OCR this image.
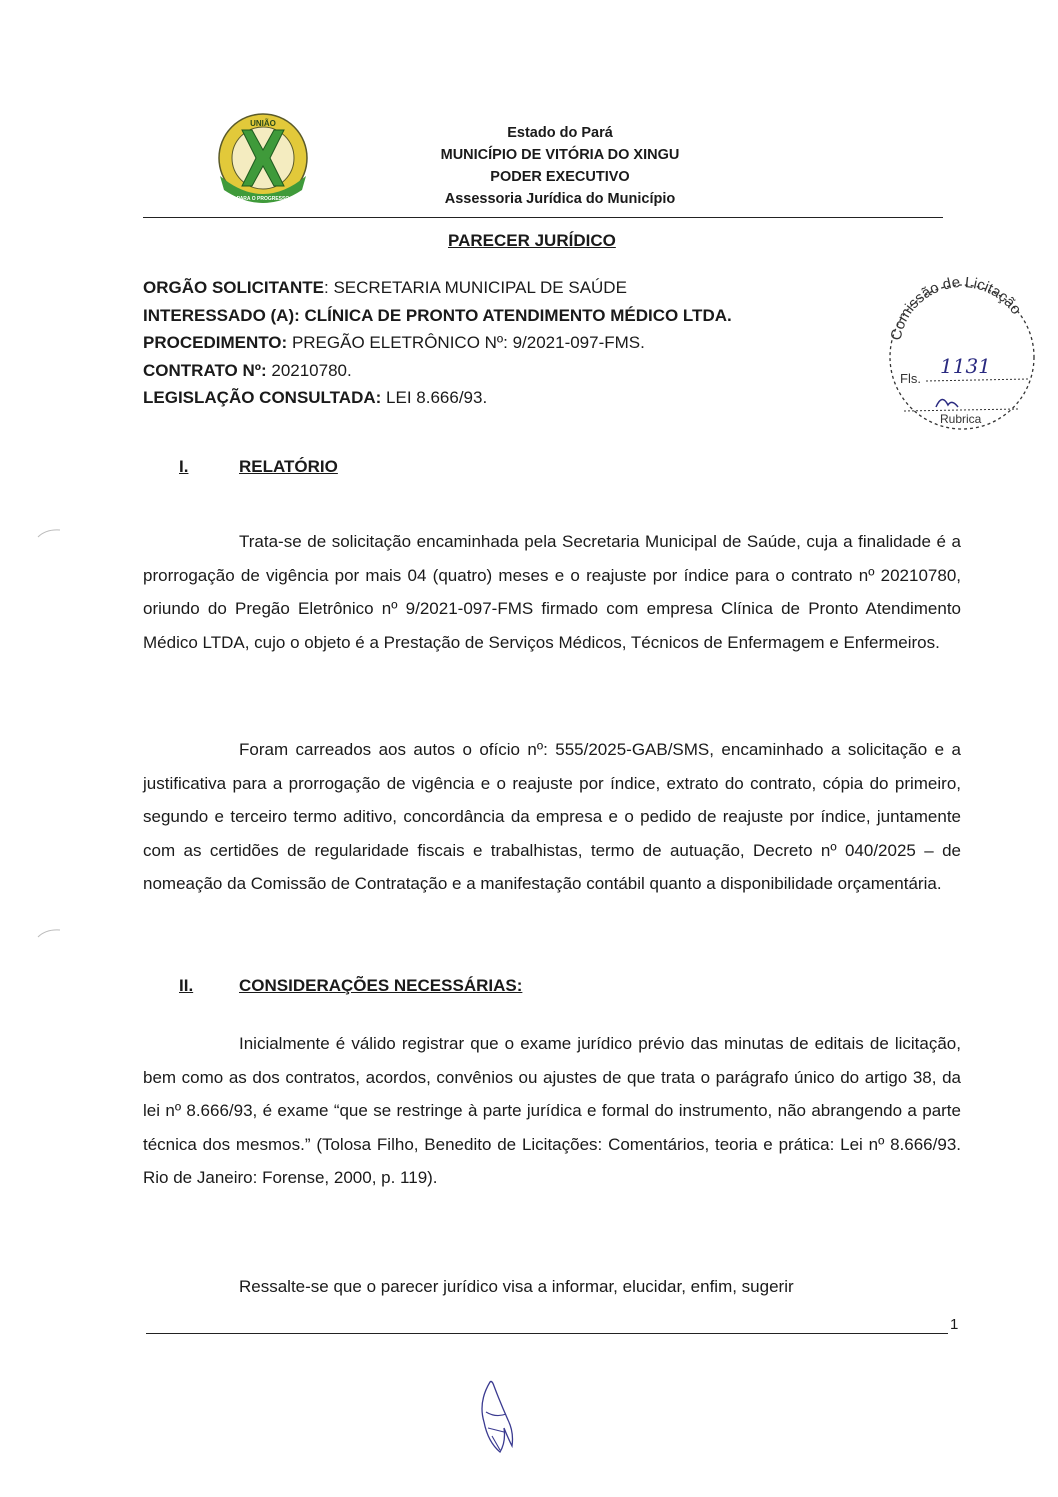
UNIÃO
PARA O PROGRESSO
Estado do Pará
MUNICÍPIO DE VITÓRIA DO XINGU
PODER EXECUTIVO
Assessoria Jurídica do Município
PARECER JURÍDICO
ORGÃO SOLICITANTE: SECRETARIA MUNICIPAL DE SAÚDE
INTERESSADO (A): CLÍNICA DE PRONTO ATENDIMENTO MÉDICO LTDA.
PROCEDIMENTO: PREGÃO ELETRÔNICO Nº: 9/2021-097-FMS.
CONTRATO Nº: 20210780.
LEGISLAÇÃO CONSULTADA: LEI 8.666/93.
Comissão de Licitação
Fls.
1131
Rubrica
I.	RELATÓRIO

Trata-se de solicitação encaminhada pela Secretaria Municipal de Saúde, cuja a finalidade é a prorrogação de vigência por mais 04 (quatro) meses e o reajuste por índice para o contrato nº 20210780, oriundo do Pregão Eletrônico nº 9/2021-097-FMS firmado com empresa Clínica de Pronto Atendimento Médico LTDA, cujo o objeto é a Prestação de Serviços Médicos, Técnicos de Enfermagem e Enfermeiros.

Foram carreados aos autos o ofício nº: 555/2025-GAB/SMS, encaminhado a solicitação e a justificativa para a prorrogação de vigência e o reajuste por índice, extrato do contrato, cópia do primeiro, segundo e terceiro termo aditivo, concordância da empresa e o pedido de reajuste por índice, juntamente com as certidões de regularidade fiscais e trabalhistas, termo de autuação, Decreto nº 040/2025 – de nomeação da Comissão de Contratação e a manifestação contábil quanto a disponibilidade orçamentária.

II.	CONSIDERAÇÕES NECESSÁRIAS:

Inicialmente é válido registrar que o exame jurídico prévio das minutas de editais de licitação, bem como as dos contratos, acordos, convênios ou ajustes de que trata o parágrafo único do artigo 38, da lei nº 8.666/93, é exame “que se restringe à parte jurídica e formal do instrumento, não abrangendo a parte técnica dos mesmos.” (Tolosa Filho, Benedito de Licitações: Comentários, teoria e prática: Lei nº 8.666/93. Rio de Janeiro: Forense, 2000, p. 119).

Ressalte-se que o parecer jurídico visa a informar, elucidar, enfim, sugerir

1
